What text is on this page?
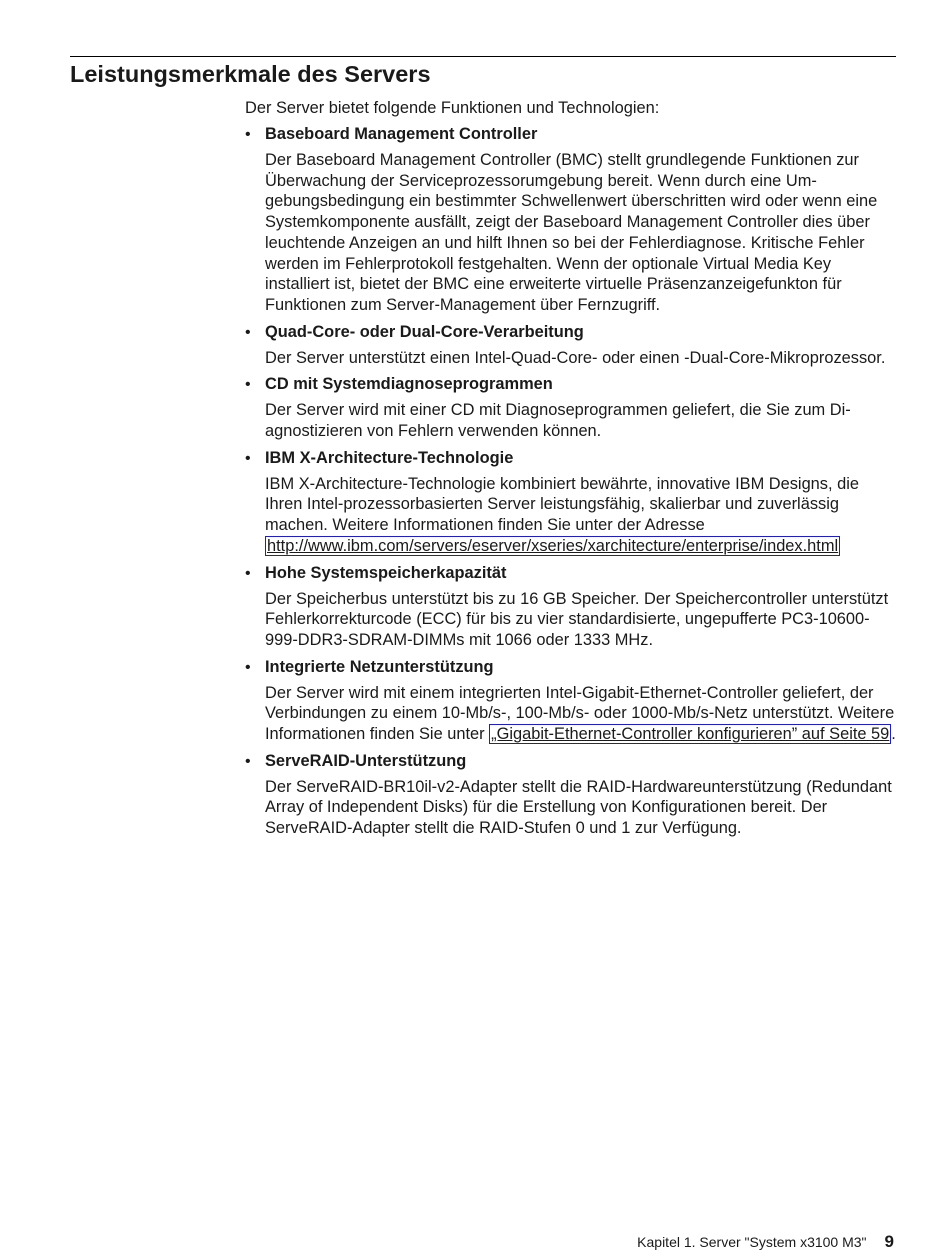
Leistungsmerkmale des Servers

Der Server bietet folgende Funktionen und Technologien:

• Baseboard Management Controller

Der Baseboard Management Controller (BMC) stellt grundlegende Funktionen zur Überwachung der Serviceprozessorumgebung bereit. Wenn durch eine Umgebungsbedingung ein bestimmter Schwellenwert überschritten wird oder wenn eine Systemkomponente ausfällt, zeigt der Baseboard Management Controller dies über leuchtende Anzeigen an und hilft Ihnen so bei der Fehlerdiagnose. Kritische Fehler werden im Fehlerprotokoll festgehalten. Wenn der optionale Virtual Media Key installiert ist, bietet der BMC eine erweiterte virtuelle Präsenzanzeigefunkton für Funktionen zum Server-Management über Fernzugriff.

• Quad-Core- oder Dual-Core-Verarbeitung

Der Server unterstützt einen Intel-Quad-Core- oder einen -Dual-Core-Mikroprozessor.

• CD mit Systemdiagnoseprogrammen

Der Server wird mit einer CD mit Diagnoseprogrammen geliefert, die Sie zum Diagnostizieren von Fehlern verwenden können.

• IBM X-Architecture-Technologie

IBM X-Architecture-Technologie kombiniert bewährte, innovative IBM Designs, die Ihren Intel-prozessorbasierten Server leistungsfähig, skalierbar und zuverlässig machen. Weitere Informationen finden Sie unter der Adresse http://www.ibm.com/servers/eserver/xseries/xarchitecture/enterprise/index.html

• Hohe Systemspeicherkapazität

Der Speicherbus unterstützt bis zu 16 GB Speicher. Der Speichercontroller unterstützt Fehlerkorrekturcode (ECC) für bis zu vier standardisierte, ungepufferte PC3-10600-999-DDR3-SDRAM-DIMMs mit 1066 oder 1333 MHz.

• Integrierte Netzunterstützung

Der Server wird mit einem integrierten Intel-Gigabit-Ethernet-Controller geliefert, der Verbindungen zu einem 10-Mb/s-, 100-Mb/s- oder 1000-Mb/s-Netz unterstützt. Weitere Informationen finden Sie unter „Gigabit-Ethernet-Controller konfigurieren” auf Seite 59 .

• ServeRAID-Unterstützung

Der ServeRAID-BR10il-v2-Adapter stellt die RAID-Hardwareunterstützung (Redundant Array of Independent Disks) für die Erstellung von Konfigurationen bereit. Der ServeRAID-Adapter stellt die RAID-Stufen 0 und 1 zur Verfügung.

Kapitel 1. Server "System x3100 M3" 9
